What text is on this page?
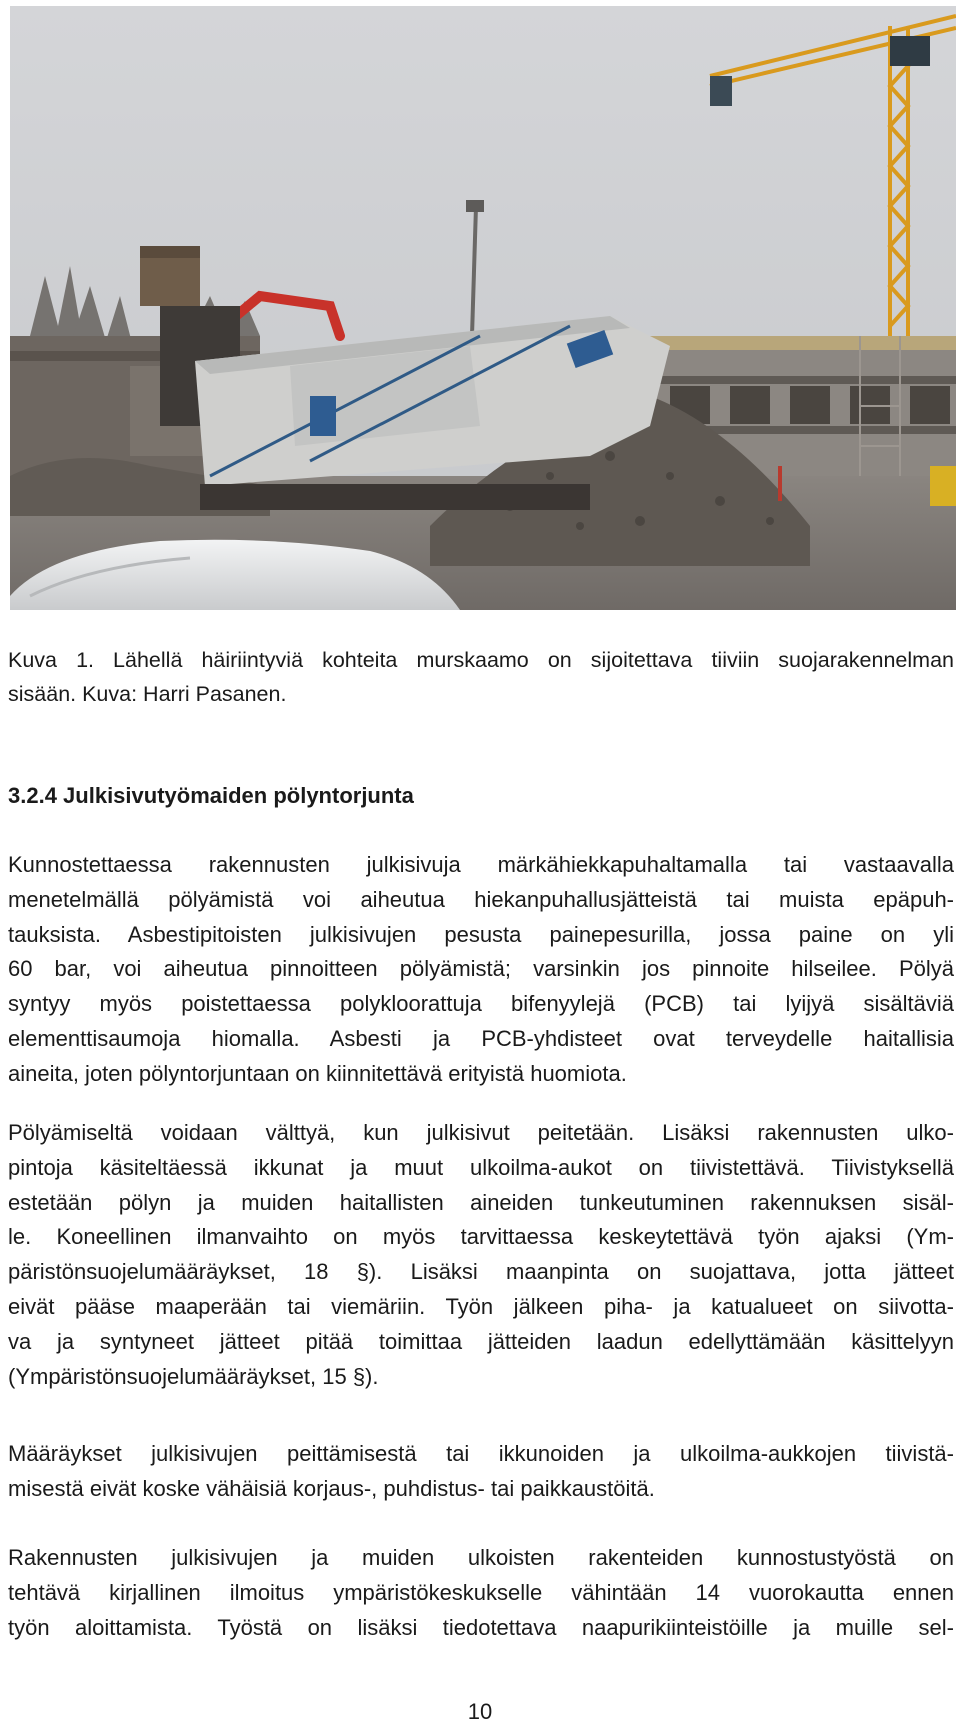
Kuva 1. Lähellä häiriintyviä kohteita murskaamo on sijoitettava tiiviin suojarakennelman
sisään. Kuva: Harri Pasanen.
3.2.4 Julkisivutyömaiden pölyntorjunta

Kunnostettaessa rakennusten julkisivuja märkähiekkapuhaltamalla tai vastaavalla
menetelmällä pölyämistä voi aiheutua hiekanpuhallusjätteistä tai muista epäpuh-
tauksista. Asbestipitoisten julkisivujen pesusta painepesurilla, jossa paine on yli
60 bar, voi aiheutua pinnoitteen pölyämistä; varsinkin jos pinnoite hilseilee. Pölyä
syntyy myös poistettaessa polykloorattuja bifenyylejä (PCB) tai lyijyä sisältäviä
elementtisaumoja hiomalla. Asbesti ja PCB-yhdisteet ovat terveydelle haitallisia
aineita, joten pölyntorjuntaan on kiinnitettävä erityistä huomiota.

Pölyämiseltä voidaan välttyä, kun julkisivut peitetään. Lisäksi rakennusten ulko-
pintoja käsiteltäessä ikkunat ja muut ulkoilma-aukot on tiivistettävä. Tiivistyksellä
estetään pölyn ja muiden haitallisten aineiden tunkeutuminen rakennuksen sisäl-
le. Koneellinen ilmanvaihto on myös tarvittaessa keskeytettävä työn ajaksi (Ym-
päristönsuojelumääräykset, 18 §). Lisäksi maanpinta on suojattava, jotta jätteet
eivät pääse maaperään tai viemäriin. Työn jälkeen piha- ja katualueet on siivotta-
va ja syntyneet jätteet pitää toimittaa jätteiden laadun edellyttämään käsittelyyn
(Ympäristönsuojelumääräykset, 15 §).

Määräykset julkisivujen peittämisestä tai ikkunoiden ja ulkoilma-aukkojen tiivistä-
misestä eivät koske vähäisiä korjaus-, puhdistus- tai paikkaustöitä.

Rakennusten julkisivujen ja muiden ulkoisten rakenteiden kunnostustyöstä on
tehtävä kirjallinen ilmoitus ympäristökeskukselle vähintään 14 vuorokautta ennen
työn aloittamista. Työstä on lisäksi tiedotettava naapurikiinteistöille ja muille sel-

10
